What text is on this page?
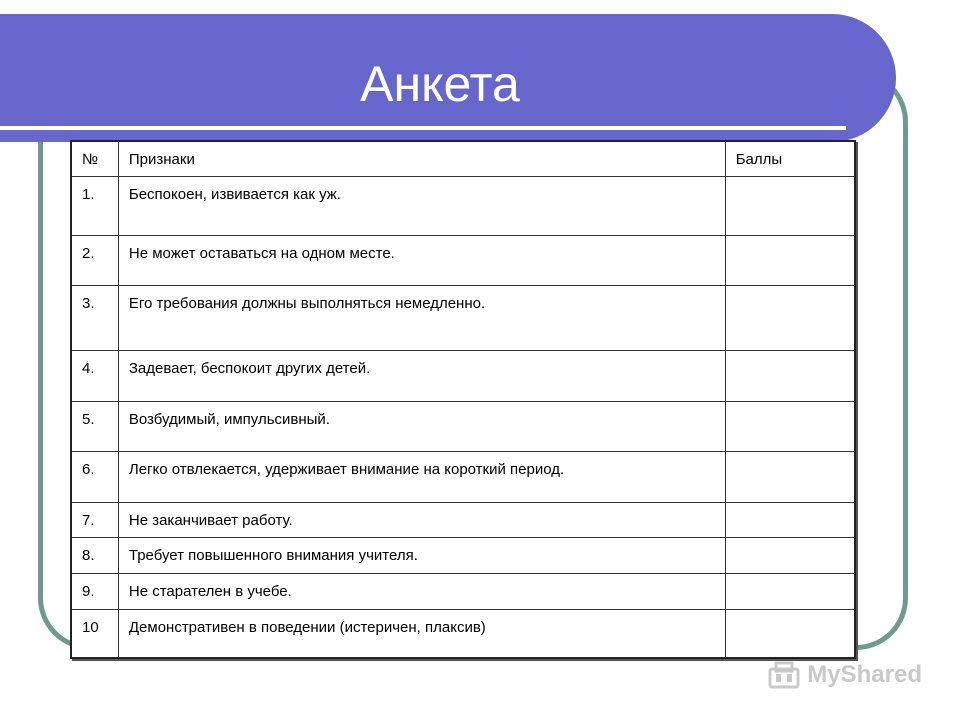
Анкета
№	Признаки	Баллы

1.	Беспокоен, извивается как уж.	

2.	Не может оставаться на одном месте.	

3.	Его требования должны выполняться немедленно.	

4.	Задевает, беспокоит других детей.	

5.	Возбудимый, импульсивный.	

6.	Легко отвлекается, удерживает внимание на короткий период.	

7.	Не заканчивает работу.	

8.	Требует повышенного внимания учителя.	

9.	Не старателен в учебе.	

10	Демонстративен в поведении (истеричен, плаксив)	

MyShared
